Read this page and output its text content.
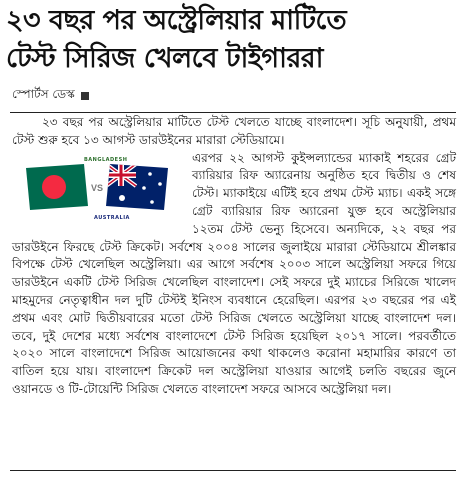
২৩ বছর পর অস্ট্রেলিয়ার মাটিতে
টেস্ট সিরিজ খেলবে টাইগাররা
স্পোর্টস ডেস্ক

২৩ বছর পর অস্ট্রেলিয়ার মাটিতে টেস্ট খেলতে যাচ্ছে বাংলাদেশ। সূচি অনুযায়ী, প্রথম টেস্ট শুরু হবে ১৩ আগস্ট ডারউইনের মারারা স্টেডিয়ামে।

VS
BANGLADESH
AUSTRALIA

এরপর ২২ আগস্ট কুইন্সল্যান্ডের ম্যাকাই শহরের গ্রেট ব্যারিয়ার রিফ অ্যারেনায় অনুষ্ঠিত হবে দ্বিতীয় ও শেষ টেস্ট। ম্যাকাইয়ে এটিই হবে প্রথম টেস্ট ম্যাচ। একই সঙ্গে গ্রেট ব্যারিয়ার রিফ অ্যারেনা যুক্ত হবে অস্ট্রেলিয়ার ১২তম টেস্ট ভেন্যু হিসেবে। অন্যদিকে, ২২ বছর পর ডারউইনে ফিরছে টেস্ট ক্রিকেট। সর্বশেষ ২০০৪ সালের জুলাইয়ে মারারা স্টেডিয়ামে শ্রীলঙ্কার বিপক্ষে টেস্ট খেলেছিল অস্ট্রেলিয়া। এর আগে সর্বশেষ ২০০৩ সালে অস্ট্রেলিয়া সফরে গিয়ে ডারউইনে একটি টেস্ট সিরিজ খেলেছিল বাংলাদেশ। সেই সফরে দুই ম্যাচের সিরিজে খালেদ মাহমুদের নেতৃত্বাধীন দল দুটি টেস্টই ইনিংস ব্যবধানে হেরেছিল। এরপর ২৩ বছরের পর এই প্রথম এবং মোট দ্বিতীয়বারের মতো টেস্ট সিরিজ খেলতে অস্ট্রেলিয়া যাচ্ছে বাংলাদেশ দল। তবে, দুই দেশের মধ্যে সর্বশেষ বাংলাদেশে টেস্ট সিরিজ হয়েছিল ২০১৭ সালে। পরবর্তীতে ২০২০ সালে বাংলাদেশে সিরিজ আয়োজনের কথা থাকলেও করোনা মহামারির কারণে তা বাতিল হয়ে যায়। বাংলাদেশ ক্রিকেট দল অস্ট্রেলিয়া যাওয়ার আগেই চলতি বছরের জুনে ওয়ানডে ও টি-টোয়েন্টি সিরিজ খেলতে বাংলাদেশ সফরে আসবে অস্ট্রেলিয়া দল।
